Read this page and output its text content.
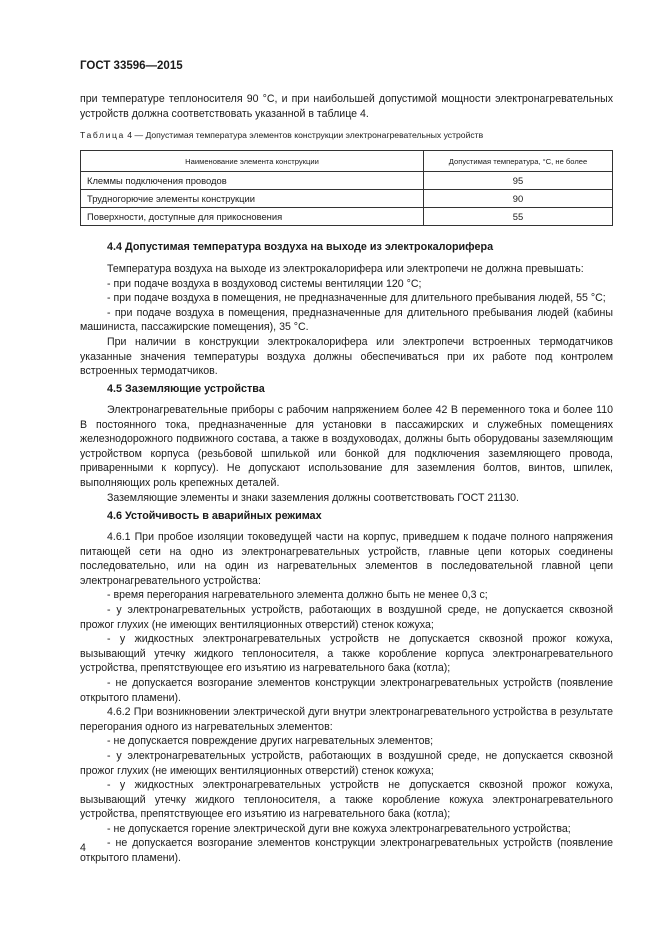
ГОСТ 33596—2015

при температуре теплоносителя 90 °С, и при наибольшей допустимой мощности электронагревательных устройств должна соответствовать указанной в таблице 4.

Таблица 4 — Допустимая температура элементов конструкции электронагревательных устройств
Наименование элемента конструкции	Допустимая температура, °С, не более
Клеммы подключения проводов	95
Трудногорючие элементы конструкции	90
Поверхности, доступные для прикосновения	55
4.4 Допустимая температура воздуха на выходе из электрокалорифера

Температура воздуха на выходе из электрокалорифера или электропечи не должна превышать:

- при подаче воздуха в воздуховод системы вентиляции 120 °С;

- при подаче воздуха в помещения, не предназначенные для длительного пребывания людей, 55 °С;

- при подаче воздуха в помещения, предназначенные для длительного пребывания людей (кабины машиниста, пассажирские помещения), 35 °С.

При наличии в конструкции электрокалорифера или электропечи встроенных термодатчиков указанные значения температуры воздуха должны обеспечиваться при их работе под контролем встроенных термодатчиков.

4.5 Заземляющие устройства

Электронагревательные приборы с рабочим напряжением более 42 В переменного тока и более 110 В постоянного тока, предназначенные для установки в пассажирских и служебных помещениях железнодорожного подвижного состава, а также в воздуховодах, должны быть оборудованы заземляющим устройством корпуса (резьбовой шпилькой или бонкой для подключения заземляющего провода, приваренными к корпусу). Не допускают использование для заземления болтов, винтов, шпилек, выполняющих роль крепежных деталей.

Заземляющие элементы и знаки заземления должны соответствовать ГОСТ 21130.

4.6 Устойчивость в аварийных режимах

4.6.1 При пробое изоляции токоведущей части на корпус, приведшем к подаче полного напряжения питающей сети на одно из электронагревательных устройств, главные цепи которых соединены последовательно, или на один из нагревательных элементов в последовательной главной цепи электронагревательного устройства:

- время перегорания нагревательного элемента должно быть не менее 0,3 с;

- у электронагревательных устройств, работающих в воздушной среде, не допускается сквозной прожог глухих (не имеющих вентиляционных отверстий) стенок кожуха;

- у жидкостных электронагревательных устройств не допускается сквозной прожог кожуха, вызывающий утечку жидкого теплоносителя, а также коробление корпуса электронагревательного устройства, препятствующее его изъятию из нагревательного бака (котла);

- не допускается возгорание элементов конструкции электронагревательных устройств (появление открытого пламени).

4.6.2 При возникновении электрической дуги внутри электронагревательного устройства в результате перегорания одного из нагревательных элементов:

- не допускается повреждение других нагревательных элементов;

- у электронагревательных устройств, работающих в воздушной среде, не допускается сквозной прожог глухих (не имеющих вентиляционных отверстий) стенок кожуха;

- у жидкостных электронагревательных устройств не допускается сквозной прожог кожуха, вызывающий утечку жидкого теплоносителя, а также коробление кожуха электронагревательного устройства, препятствующее его изъятию из нагревательного бака (котла);

- не допускается горение электрической дуги вне кожуха электронагревательного устройства;

- не допускается возгорание элементов конструкции электронагревательных устройств (появление открытого пламени).

4
